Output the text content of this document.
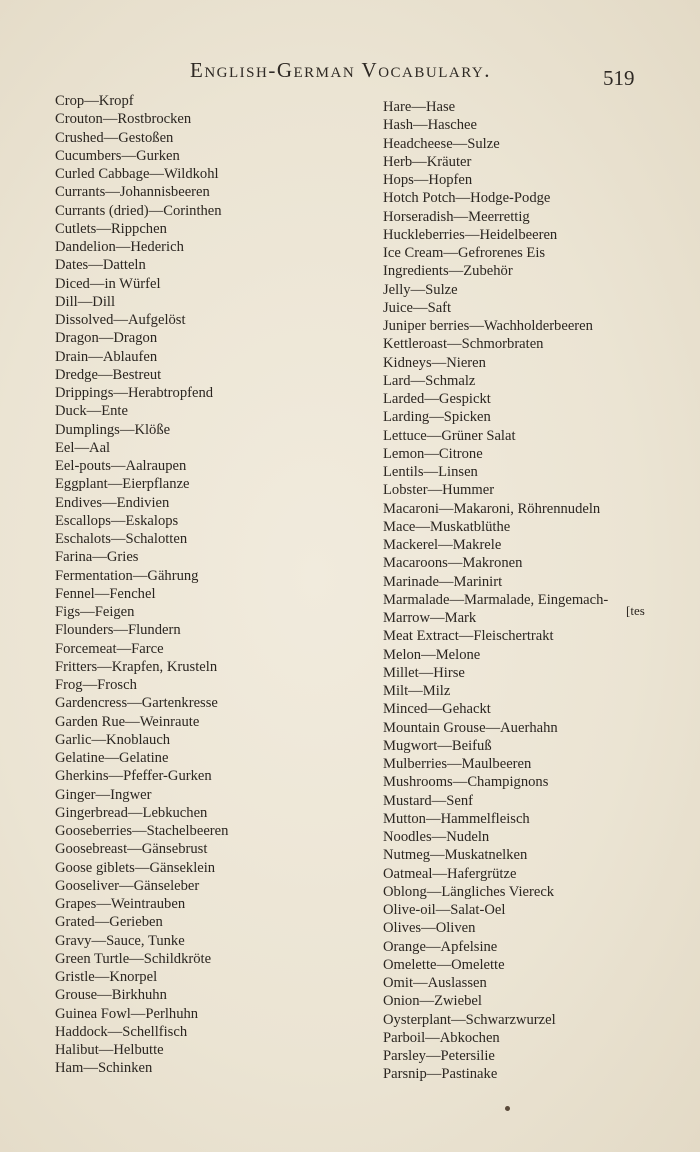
English-German Vocabulary.	519
Crop—Kropf
Crouton—Rostbrocken
Crushed—Gestoßen
Cucumbers—Gurken
Curled Cabbage—Wildkohl
Currants—Johannisbeeren
Currants (dried)—Corinthen
Cutlets—Rippchen
Dandelion—Hederich
Dates—Datteln
Diced—in Würfel
Dill—Dill
Dissolved—Aufgelöst
Dragon—Dragon
Drain—Ablaufen
Dredge—Bestreut
Drippings—Herabtropfend
Duck—Ente
Dumplings—Klöße
Eel—Aal
Eel-pouts—Aalraupen
Eggplant—Eierpflanze
Endives—Endivien
Escallops—Eskalops
Eschalots—Schalotten
Farina—Gries
Fermentation—Gährung
Fennel—Fenchel
Figs—Feigen
Flounders—Flundern
Forcemeat—Farce
Fritters—Krapfen, Krusteln
Frog—Frosch
Gardencress—Gartenkresse
Garden Rue—Weinraute
Garlic—Knoblauch
Gelatine—Gelatine
Gherkins—Pfeffer-Gurken
Ginger—Ingwer
Gingerbread—Lebkuchen
Gooseberries—Stachelbeeren
Goosebreast—Gänsebrust
Goose giblets—Gänseklein
Gooseliver—Gänseleber
Grapes—Weintrauben
Grated—Gerieben
Gravy—Sauce, Tunke
Green Turtle—Schildkröte
Gristle—Knorpel
Grouse—Birkhuhn
Guinea Fowl—Perlhuhn
Haddock—Schellfisch
Halibut—Helbutte
Ham—Schinken
Hare—Hase
Hash—Haschee
Headcheese—Sulze
Herb—Kräuter
Hops—Hopfen
Hotch Potch—Hodge-Podge
Horseradish—Meerrettig
Huckleberries—Heidelbeeren
Ice Cream—Gefrorenes Eis
Ingredients—Zubehör
Jelly—Sulze
Juice—Saft
Juniper berries—Wachholderbeeren
Kettleroast—Schmorbraten
Kidneys—Nieren
Lard—Schmalz
Larded—Gespickt
Larding—Spicken
Lettuce—Grüner Salat
Lemon—Citrone
Lentils—Linsen
Lobster—Hummer
Macaroni—Makaroni, Röhrennudeln
Mace—Muskatblüthe
Mackerel—Makrele
Macaroons—Makronen
Marinade—Marinirt
Marmalade—Marmalade, Eingemach-
Marrow—Mark
Meat Extract—Fleischertrakt
Melon—Melone
Millet—Hirse
Milt—Milz
Minced—Gehackt
Mountain Grouse—Auerhahn
Mugwort—Beifuß
Mulberries—Maulbeeren
Mushrooms—Champignons
Mustard—Senf
Mutton—Hammelfleisch
Noodles—Nudeln
Nutmeg—Muskatnelken
Oatmeal—Hafergrütze
Oblong—Längliches Viereck
Olive-oil—Salat-Oel
Olives—Oliven
Orange—Apfelsine
Omelette—Omelette
Omit—Auslassen
Onion—Zwiebel
Oysterplant—Schwarzwurzel
Parboil—Abkochen
Parsley—Petersilie
Parsnip—Pastinake
[tes
